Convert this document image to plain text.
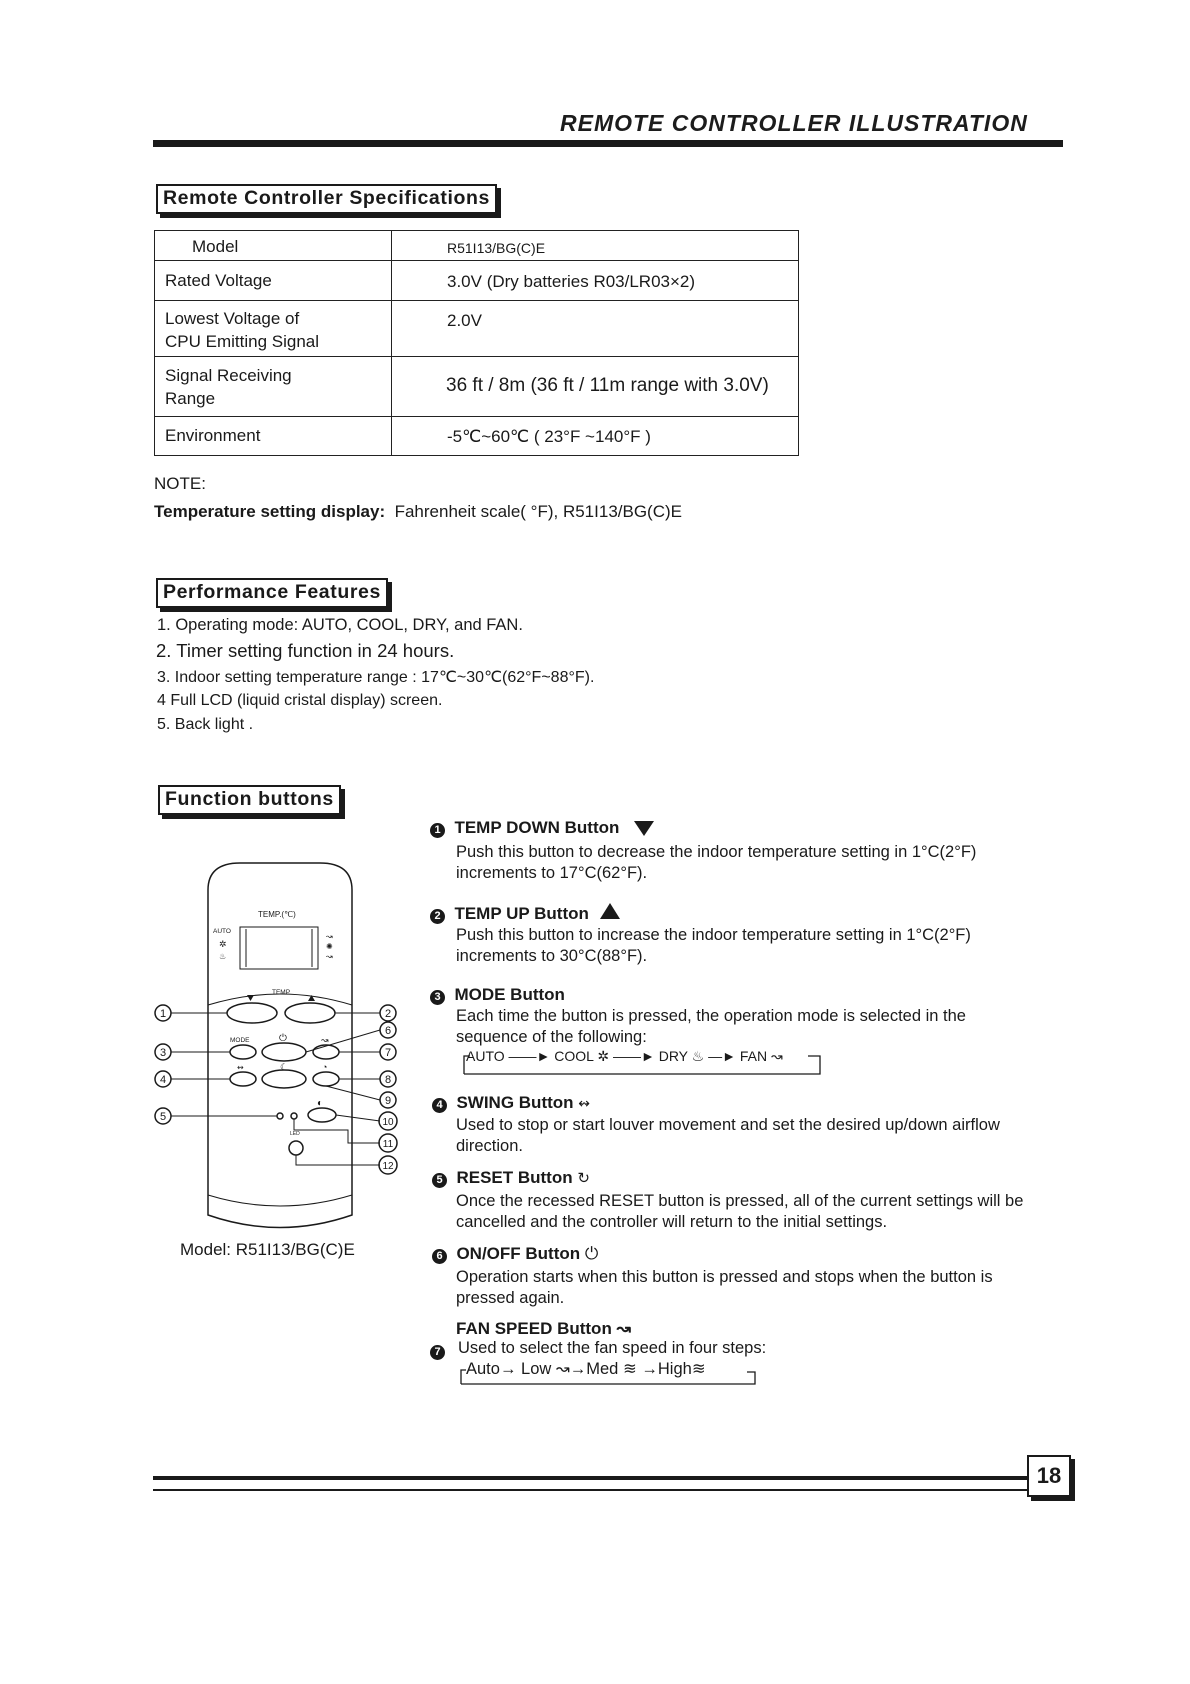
REMOTE CONTROLLER ILLUSTRATION
Remote Controller Specifications
Model	R51I13/BG(C)E
Rated Voltage	3.0V (Dry batteries R03/LR03×2)

Lowest Voltage of
CPU Emitting Signal	2.0V

Signal Receiving
Range	36 ft / 8m (36 ft / 11m range with 3.0V)
Environment	-5℃~60℃ ( 23°F ~140°F )
NOTE:
Temperature setting display: Fahrenheit scale( °F), R51I13/BG(C)E
Performance Features
1. Operating mode: AUTO, COOL, DRY, and FAN.
2. Timer setting function in 24 hours.
3. Indoor setting temperature range : 17℃~30℃(62°F~88°F).
4 Full LCD (liquid cristal display) screen.
5. Back light .
Function buttons
TEMP.(℃)
AUTO
TEMP
MODE
LED
✲
♨
↝
✺
↝
⏻	↝
↭	☾	◔
◐
1	2
3
4
5
6
7
8
9
10
11
12
Model: R51I13/BG(C)E
1 TEMP DOWN Button
Push this button to decrease the indoor temperature setting in 1°C(2°F) increments to 17°C(62°F).
2 TEMP UP Button
Push this button to increase the indoor temperature setting in 1°C(2°F) increments to 30°C(88°F).
3 MODE Button
Each time the button is pressed, the operation mode is selected in the sequence of the following:
AUTO ——► COOL ✲ ——► DRY ♨ —► FAN ↝
4 SWING Button ↭
Used to stop or start louver movement and set the desired up/down airflow direction.
5 RESET Button ↻
Once the recessed RESET button is pressed, all of the current settings will be cancelled and the controller will return to the initial settings.
6 ON/OFF Button ⏻
Operation starts when this button is pressed and stops when the button is pressed again.
FAN SPEED Button ↝
7 Used to select the fan speed in four steps:
Auto→ Low ↝→Med ≋ →High≋
18
